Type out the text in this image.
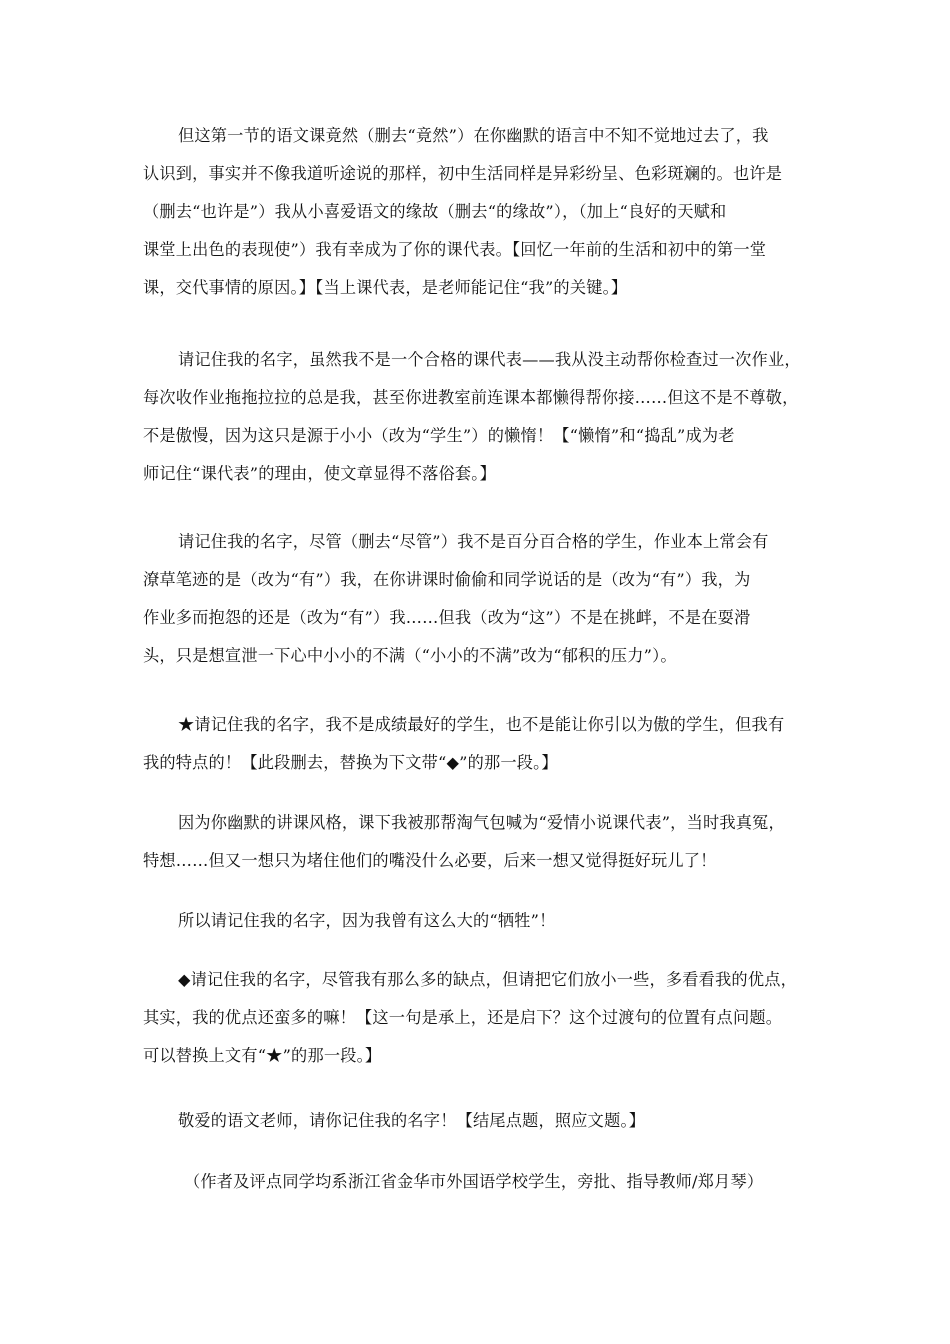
但这第一节的语文课竟然（删去“竟然”）在你幽默的语言中不知不觉地过去了，我
认识到，事实并不像我道听途说的那样，初中生活同样是异彩纷呈、色彩斑斓的。也许是
（删去“也许是”）我从小喜爱语文的缘故（删去“的缘故”），（加上“良好的天赋和
课堂上出色的表现使”）我有幸成为了你的课代表。【回忆一年前的生活和初中的第一堂
课，交代事情的原因。】【当上课代表，是老师能记住“我”的关键。】

请记住我的名字，虽然我不是一个合格的课代表——我从没主动帮你检查过一次作业，
每次收作业拖拖拉拉的总是我，甚至你进教室前连课本都懒得帮你接……但这不是不尊敬，
不是傲慢，因为这只是源于小小（改为“学生”）的懒惰！【“懒惰”和“捣乱”成为老
师记住“课代表”的理由，使文章显得不落俗套。】

请记住我的名字，尽管（删去“尽管”）我不是百分百合格的学生，作业本上常会有
潦草笔迹的是（改为“有”）我，在你讲课时偷偷和同学说话的是（改为“有”）我，为
作业多而抱怨的还是（改为“有”）我……但我（改为“这”）不是在挑衅，不是在耍滑
头，只是想宣泄一下心中小小的不满（“小小的不满”改为“郁积的压力”）。

★请记住我的名字，我不是成绩最好的学生，也不是能让你引以为傲的学生，但我有
我的特点的！【此段删去，替换为下文带“◆”的那一段。】

因为你幽默的讲课风格，课下我被那帮淘气包喊为“爱情小说课代表”，当时我真冤，
特想……但又一想只为堵住他们的嘴没什么必要，后来一想又觉得挺好玩儿了！

所以请记住我的名字，因为我曾有这么大的“牺牲”！

◆请记住我的名字，尽管我有那么多的缺点，但请把它们放小一些，多看看我的优点，
其实，我的优点还蛮多的嘛！【这一句是承上，还是启下？这个过渡句的位置有点问题。
可以替换上文有“★”的那一段。】

敬爱的语文老师，请你记住我的名字！【结尾点题，照应文题。】

（作者及评点同学均系浙江省金华市外国语学校学生，旁批、指导教师/郑月琴）
